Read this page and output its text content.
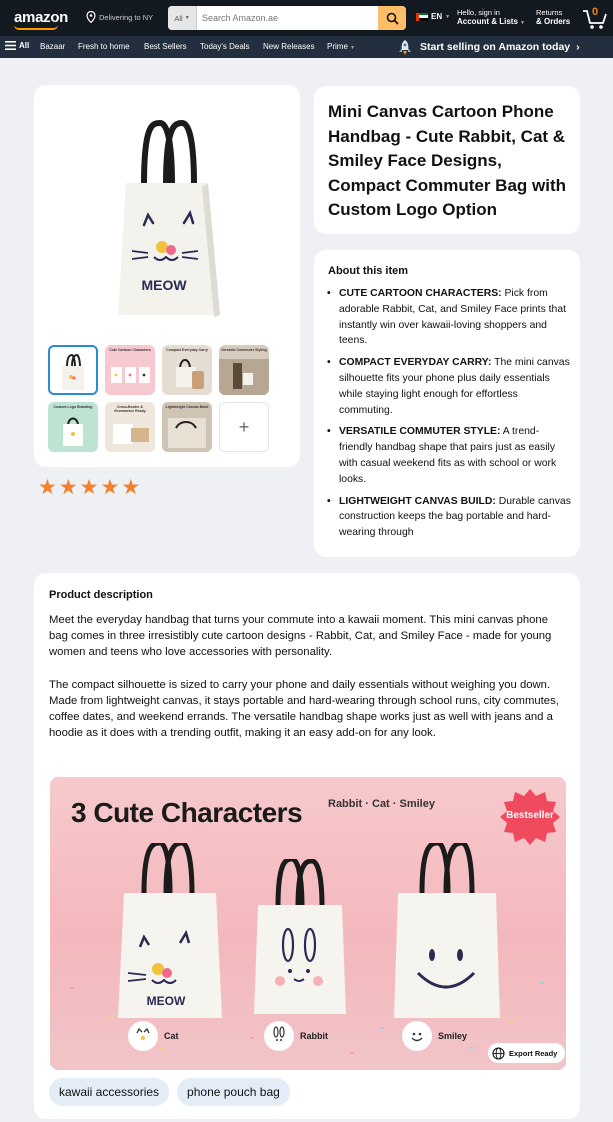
amazon	Delivering to NY	All ▼
Search Amazon.ae	EN ▼ Hello, sign in
Account & Lists ▼
Returns
& Orders
0
All Bazaar Fresh to home Best Sellers Today's Deals New Releases Prime ▼	Start selling on Amazon today ›
MEOW
Cute Cartoon Characters	Compact Everyday Carry	Versatile Commuter Styling
Custom Logo Branding	Cross-Border & Ecommerce Ready
Lightweight Canvas Build
+
★ ★ ★ ★ ★
Mini Canvas Cartoon Phone Handbag - Cute Rabbit, Cat & Smiley Face Designs, Compact Commuter Bag with Custom Logo Option
About this item
• CUTE CARTOON CHARACTERS: Pick from adorable Rabbit, Cat, and Smiley Face prints that instantly win over kawaii-loving shoppers and teens.
• COMPACT EVERYDAY CARRY: The mini canvas silhouette fits your phone plus daily essentials while staying light enough for effortless commuting.
• VERSATILE COMMUTER STYLE: A trend-friendly handbag shape that pairs just as easily with casual weekend fits as with school or work looks.
• LIGHTWEIGHT CANVAS BUILD: Durable canvas construction keeps the bag portable and hard-wearing through
Product description

Meet the everyday handbag that turns your commute into a kawaii moment. This mini canvas phone bag comes in three irresistibly cute cartoon designs - Rabbit, Cat, and Smiley Face - made for young women and teens who love accessories with personality.

The compact silhouette is sized to carry your phone and daily essentials without weighing you down. Made from lightweight canvas, it stays portable and hard-wearing through school runs, city commutes, coffee dates, and weekend errands. The versatile handbag shape works just as well with jeans and a hoodie as it does with a trending outfit, making it an easy add-on for any look.

3 Cute Characters Rabbit · Cat · Smiley
Bestseller
MEOW
Cat	Rabbit	Smiley
Export Ready
kawaii accessories	phone pouch bag
